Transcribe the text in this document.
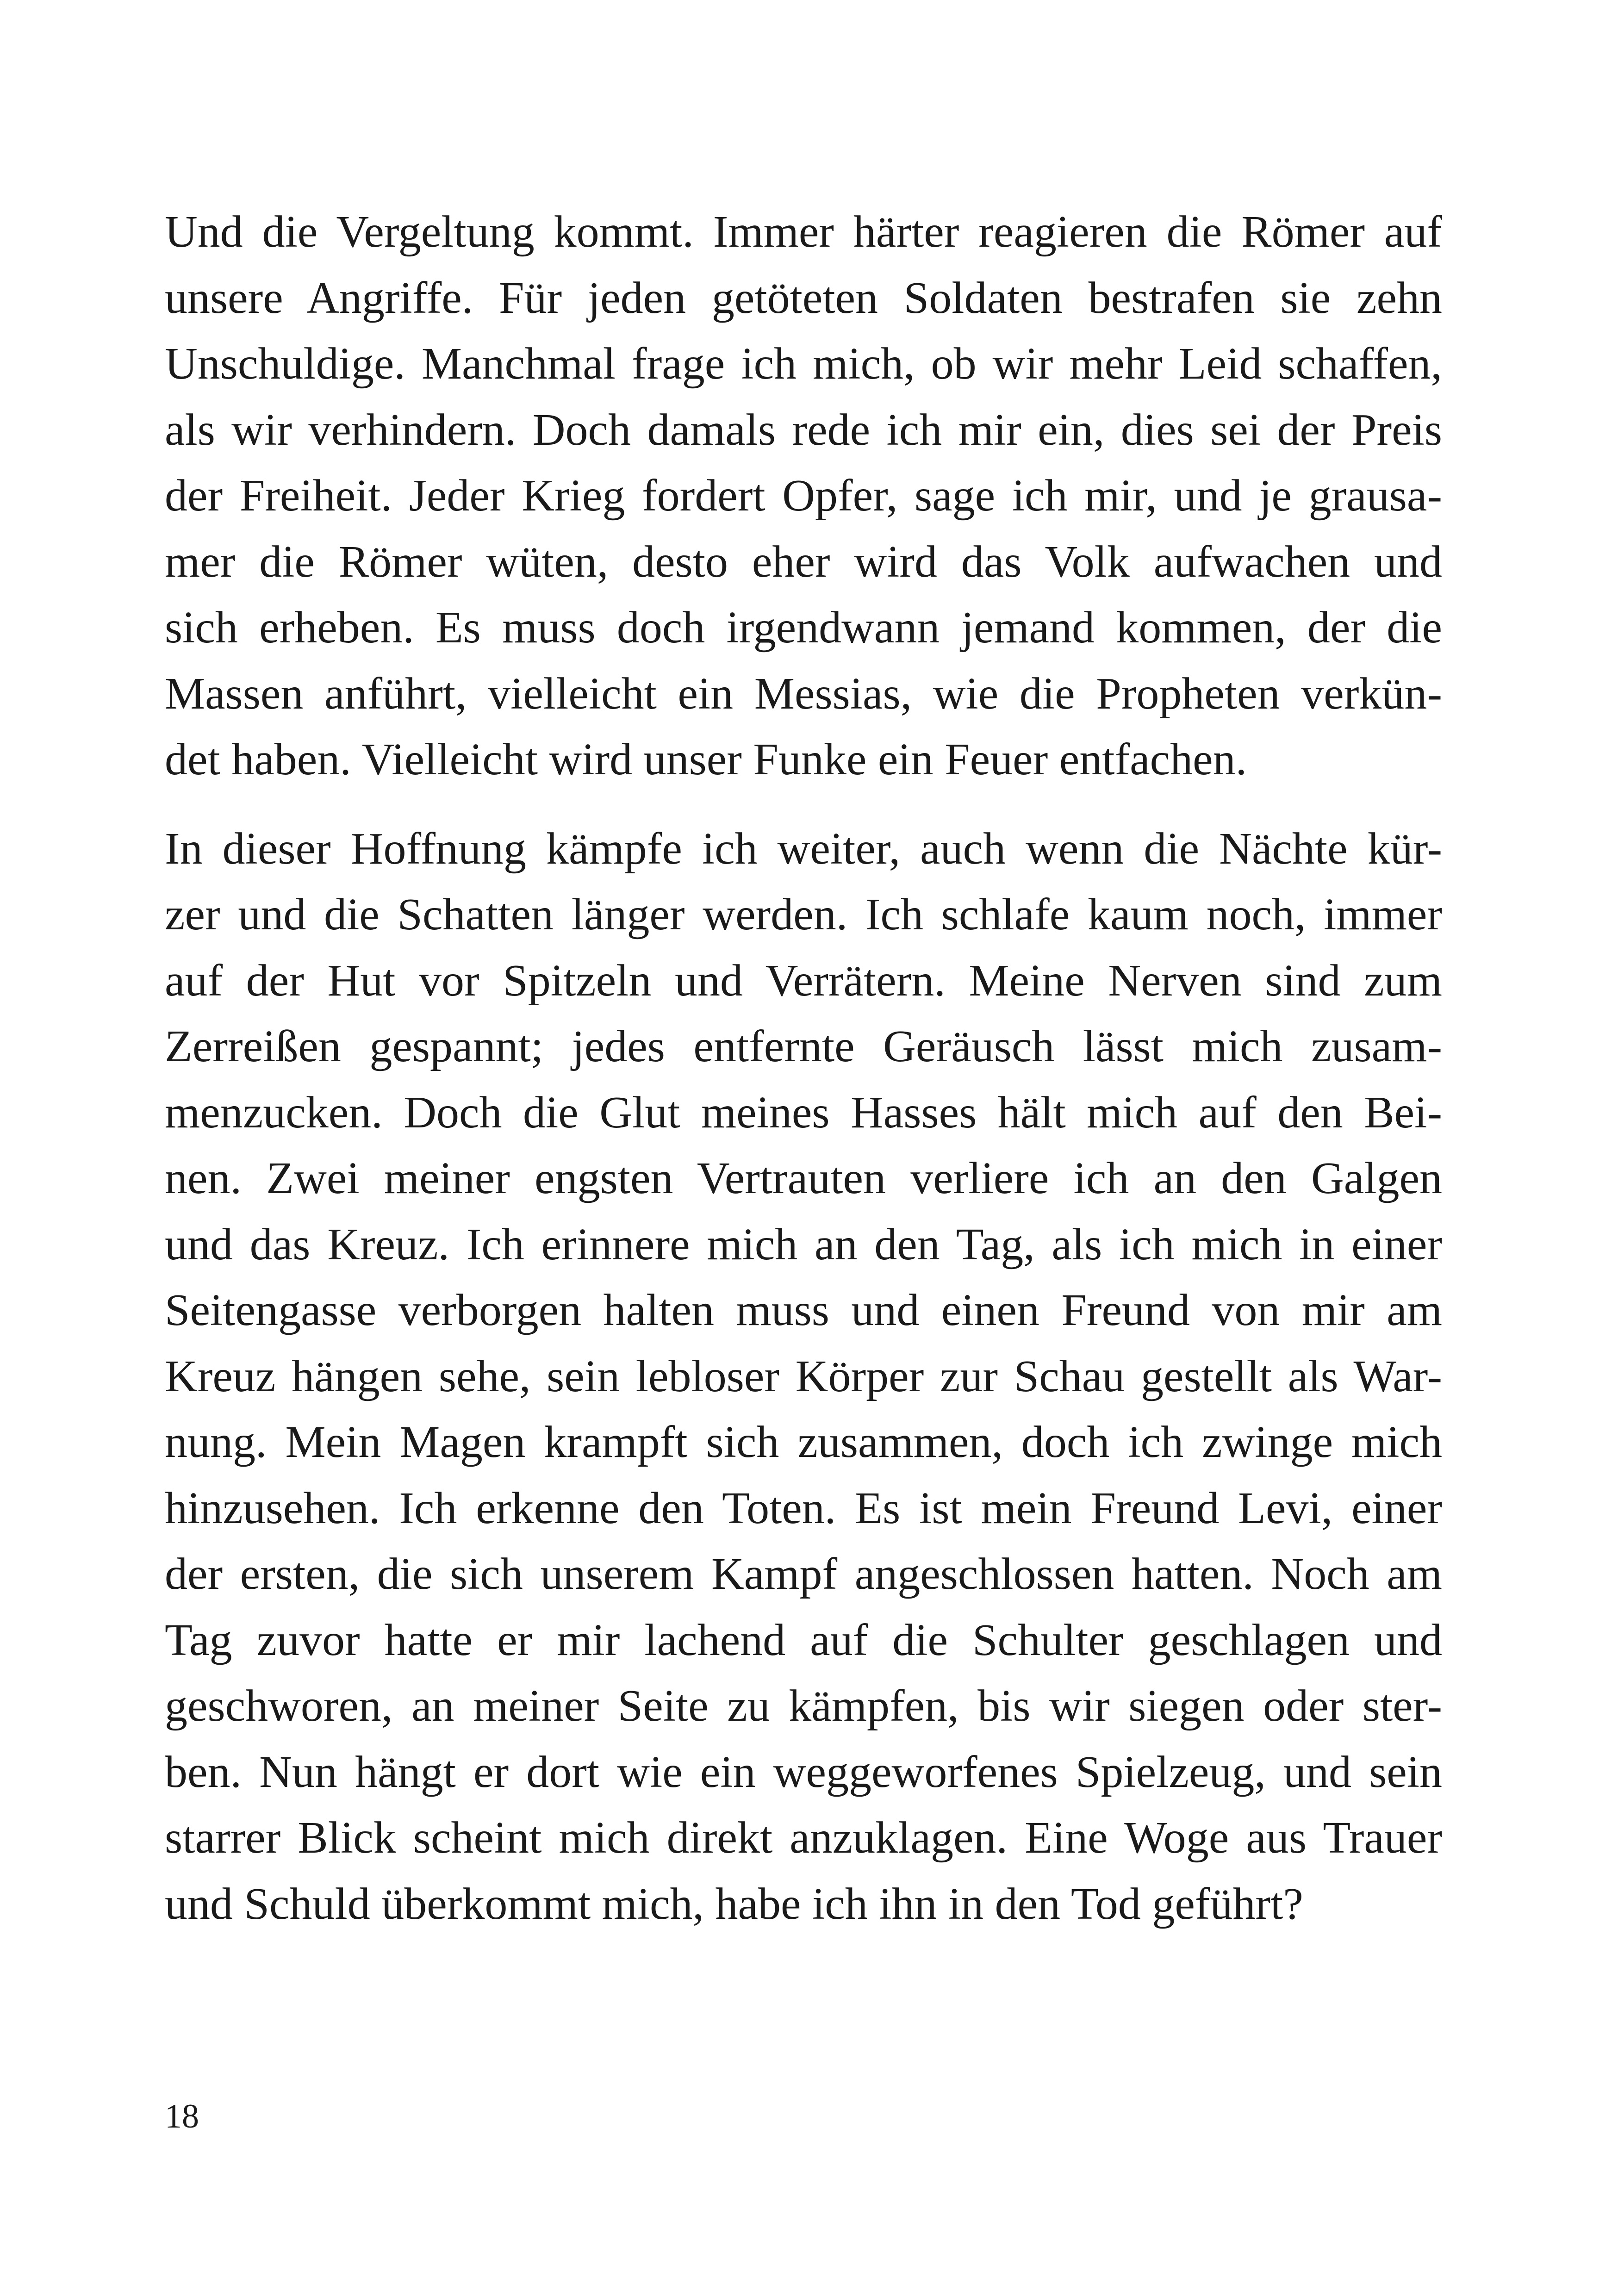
Und die Vergeltung kommt. Immer härter reagieren die Römer auf
unsere Angriffe. Für jeden getöteten Soldaten bestrafen sie zehn
Unschuldige. Manchmal frage ich mich, ob wir mehr Leid schaffen,
als wir verhindern. Doch damals rede ich mir ein, dies sei der Preis
der Freiheit. Jeder Krieg fordert Opfer, sage ich mir, und je grausa-
mer die Römer wüten, desto eher wird das Volk aufwachen und
sich erheben. Es muss doch irgendwann jemand kommen, der die
Massen anführt, vielleicht ein Messias, wie die Propheten verkün-
det haben. Vielleicht wird unser Funke ein Feuer entfachen.
In dieser Hoffnung kämpfe ich weiter, auch wenn die Nächte kür-
zer und die Schatten länger werden. Ich schlafe kaum noch, immer
auf der Hut vor Spitzeln und Verrätern. Meine Nerven sind zum
Zerreißen gespannt; jedes entfernte Geräusch lässt mich zusam-
menzucken. Doch die Glut meines Hasses hält mich auf den Bei-
nen. Zwei meiner engsten Vertrauten verliere ich an den Galgen
und das Kreuz. Ich erinnere mich an den Tag, als ich mich in einer
Seitengasse verborgen halten muss und einen Freund von mir am
Kreuz hängen sehe, sein lebloser Körper zur Schau gestellt als War-
nung. Mein Magen krampft sich zusammen, doch ich zwinge mich
hinzusehen. Ich erkenne den Toten. Es ist mein Freund Levi, einer
der ersten, die sich unserem Kampf angeschlossen hatten. Noch am
Tag zuvor hatte er mir lachend auf die Schulter geschlagen und
geschworen, an meiner Seite zu kämpfen, bis wir siegen oder ster-
ben. Nun hängt er dort wie ein weggeworfenes Spielzeug, und sein
starrer Blick scheint mich direkt anzuklagen. Eine Woge aus Trauer
und Schuld überkommt mich, habe ich ihn in den Tod geführt?
18
